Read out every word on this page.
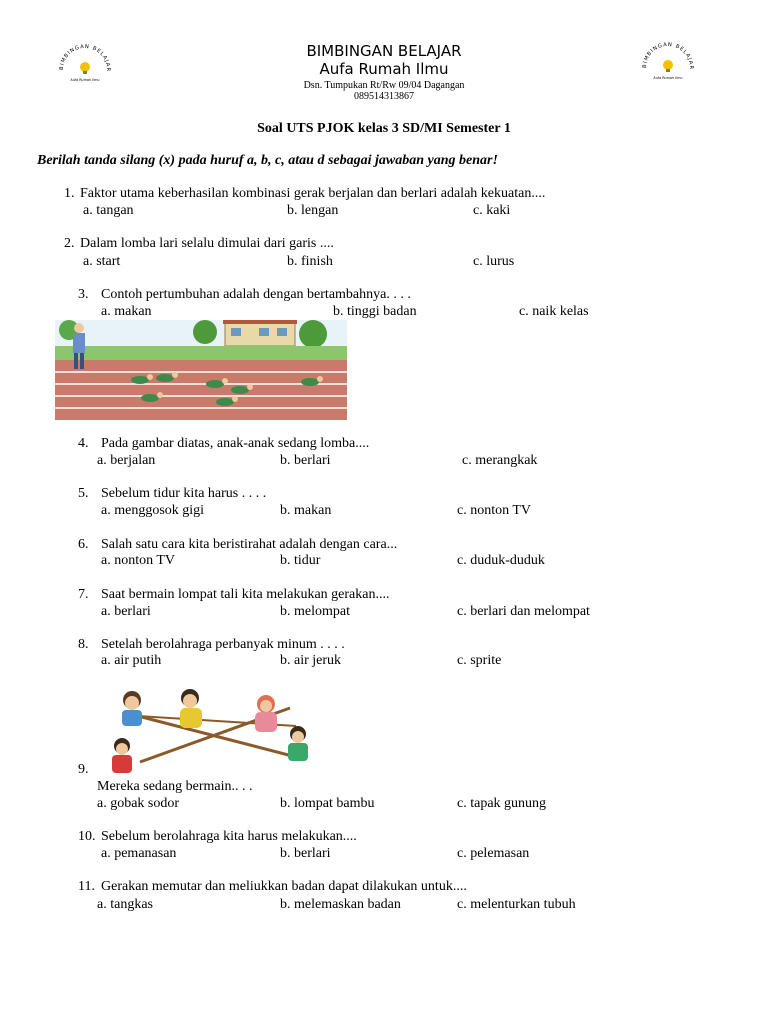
BIMBINGAN BELAJAR
Aufa Rumah Ilmu
BIMBINGAN BELAJAR
Aufa Rumah Ilmu
BIMBINGAN BELAJAR
Aufa Rumah Ilmu
Dsn. Tumpukan Rt/Rw 09/04 Dagangan
089514313867
Soal UTS PJOK kelas 3 SD/MI Semester 1
Berilah tanda silang (x) pada huruf a, b, c, atau d sebagai jawaban yang benar!
1. Faktor utama keberhasilan kombinasi gerak berjalan dan berlari adalah kekuatan....
a. tangan	b. lengan	c. kaki
2. Dalam lomba lari selalu dimulai dari garis ....
a. start	b. finish	c. lurus
3. Contoh pertumbuhan adalah dengan bertambahnya. . . .
a. makan	b. tinggi badan	c. naik kelas
4. Pada gambar diatas, anak-anak sedang lomba....
a. berjalan	b. berlari	c. merangkak
5. Sebelum tidur kita harus . . . .
a. menggosok gigi	b. makan	c. nonton TV
6. Salah satu cara kita beristirahat adalah dengan cara...
a. nonton TV	b. tidur	c. duduk-duduk
7. Saat bermain lompat tali kita melakukan gerakan....
a. berlari	b. melompat	c. berlari dan melompat
8. Setelah berolahraga perbanyak minum . . . .
a. air putih	b. air jeruk	c. sprite
9.
Mereka sedang bermain.. . .
a. gobak sodor	b. lompat bambu	c. tapak gunung
10. Sebelum berolahraga kita harus melakukan....
a. pemanasan	b. berlari	c. pelemasan
11. Gerakan memutar dan meliukkan badan dapat dilakukan untuk....
a. tangkas	b. melemaskan badan	c. melenturkan tubuh
